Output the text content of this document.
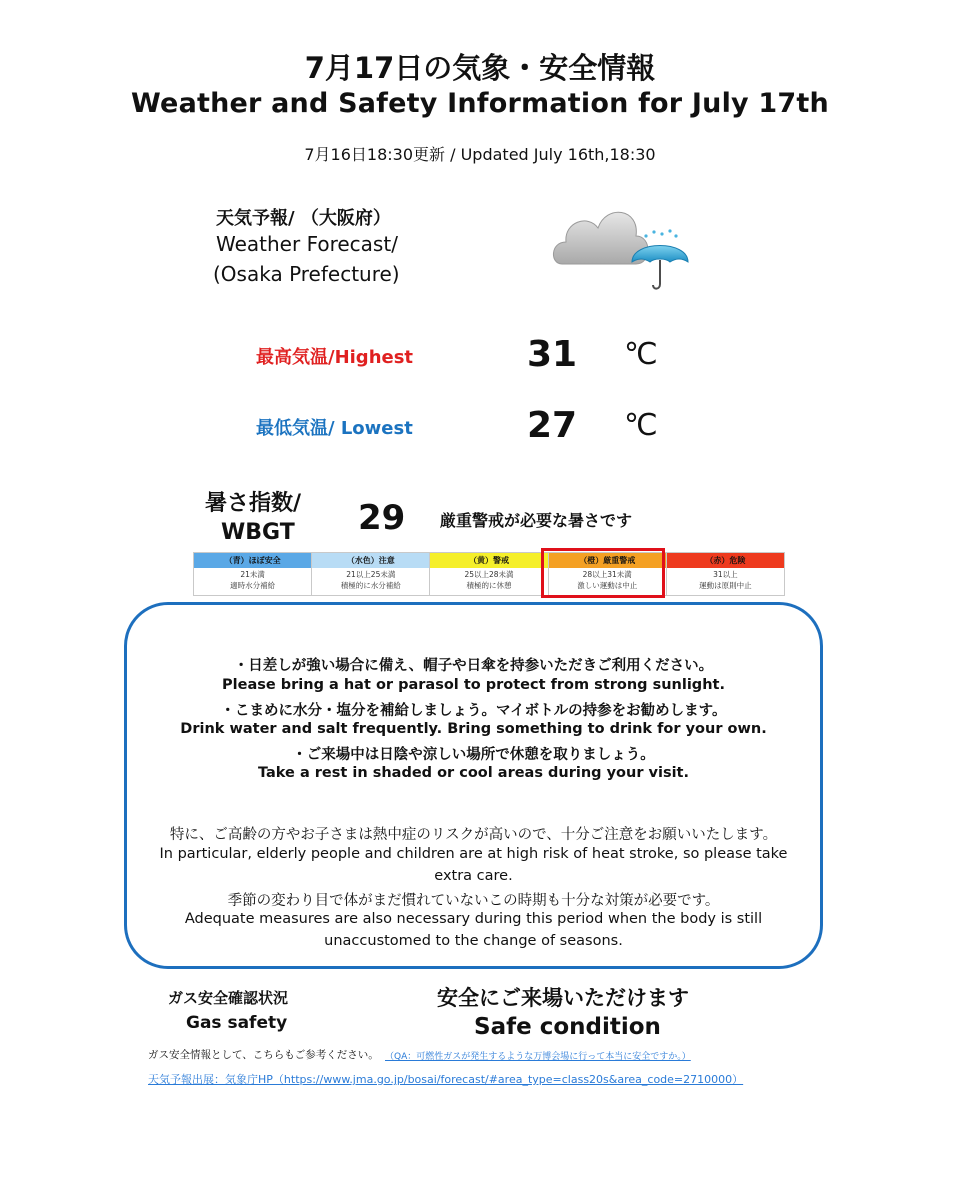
7月17日の気象・安全情報
Weather and Safety Information for July 17th
7月16日18:30更新 / Updated July 16th,18:30
天気予報/ （大阪府）
Weather Forecast/
(Osaka Prefecture)
最高気温/Highest	31 ℃
最低気温/ Lowest	27 ℃
暑さ指数/
WBGT 29 厳重警戒が必要な暑さです
（青）ほぼ安全
21未満
適時水分補給
（水色）注意
21以上25未満
積極的に水分補給
（黄）警戒
25以上28未満
積極的に休憩
（橙）厳重警戒
28以上31未満
激しい運動は中止
（赤）危険
31以上
運動は原則中止
・日差しが強い場合に備え、帽子や日傘を持参いただきご利用ください。
Please bring a hat or parasol to protect from strong sunlight.
・こまめに水分・塩分を補給しましょう。マイボトルの持参をお勧めします。
Drink water and salt frequently. Bring something to drink for your own.
・ご来場中は日陰や涼しい場所で休憩を取りましょう。
Take a rest in shaded or cool areas during your visit.
特に、ご高齢の方やお子さまは熱中症のリスクが高いので、十分ご注意をお願いいたします。
In particular, elderly people and children are at high risk of heat stroke, so please take
extra care.
季節の変わり目で体がまだ慣れていないこの時期も十分な対策が必要です。
Adequate measures are also necessary during this period when the body is still
unaccustomed to the change of seasons.
ガス安全確認状況
Gas safety
安全にご来場いただけます
Safe condition
ガス安全情報として、こちらもご参考ください。 （QA：可燃性ガスが発生するような万博会場に行って本当に安全ですか。）
天気予報出展：気象庁HP（https://www.jma.go.jp/bosai/forecast/#area_type=class20s&area_code=2710000）
